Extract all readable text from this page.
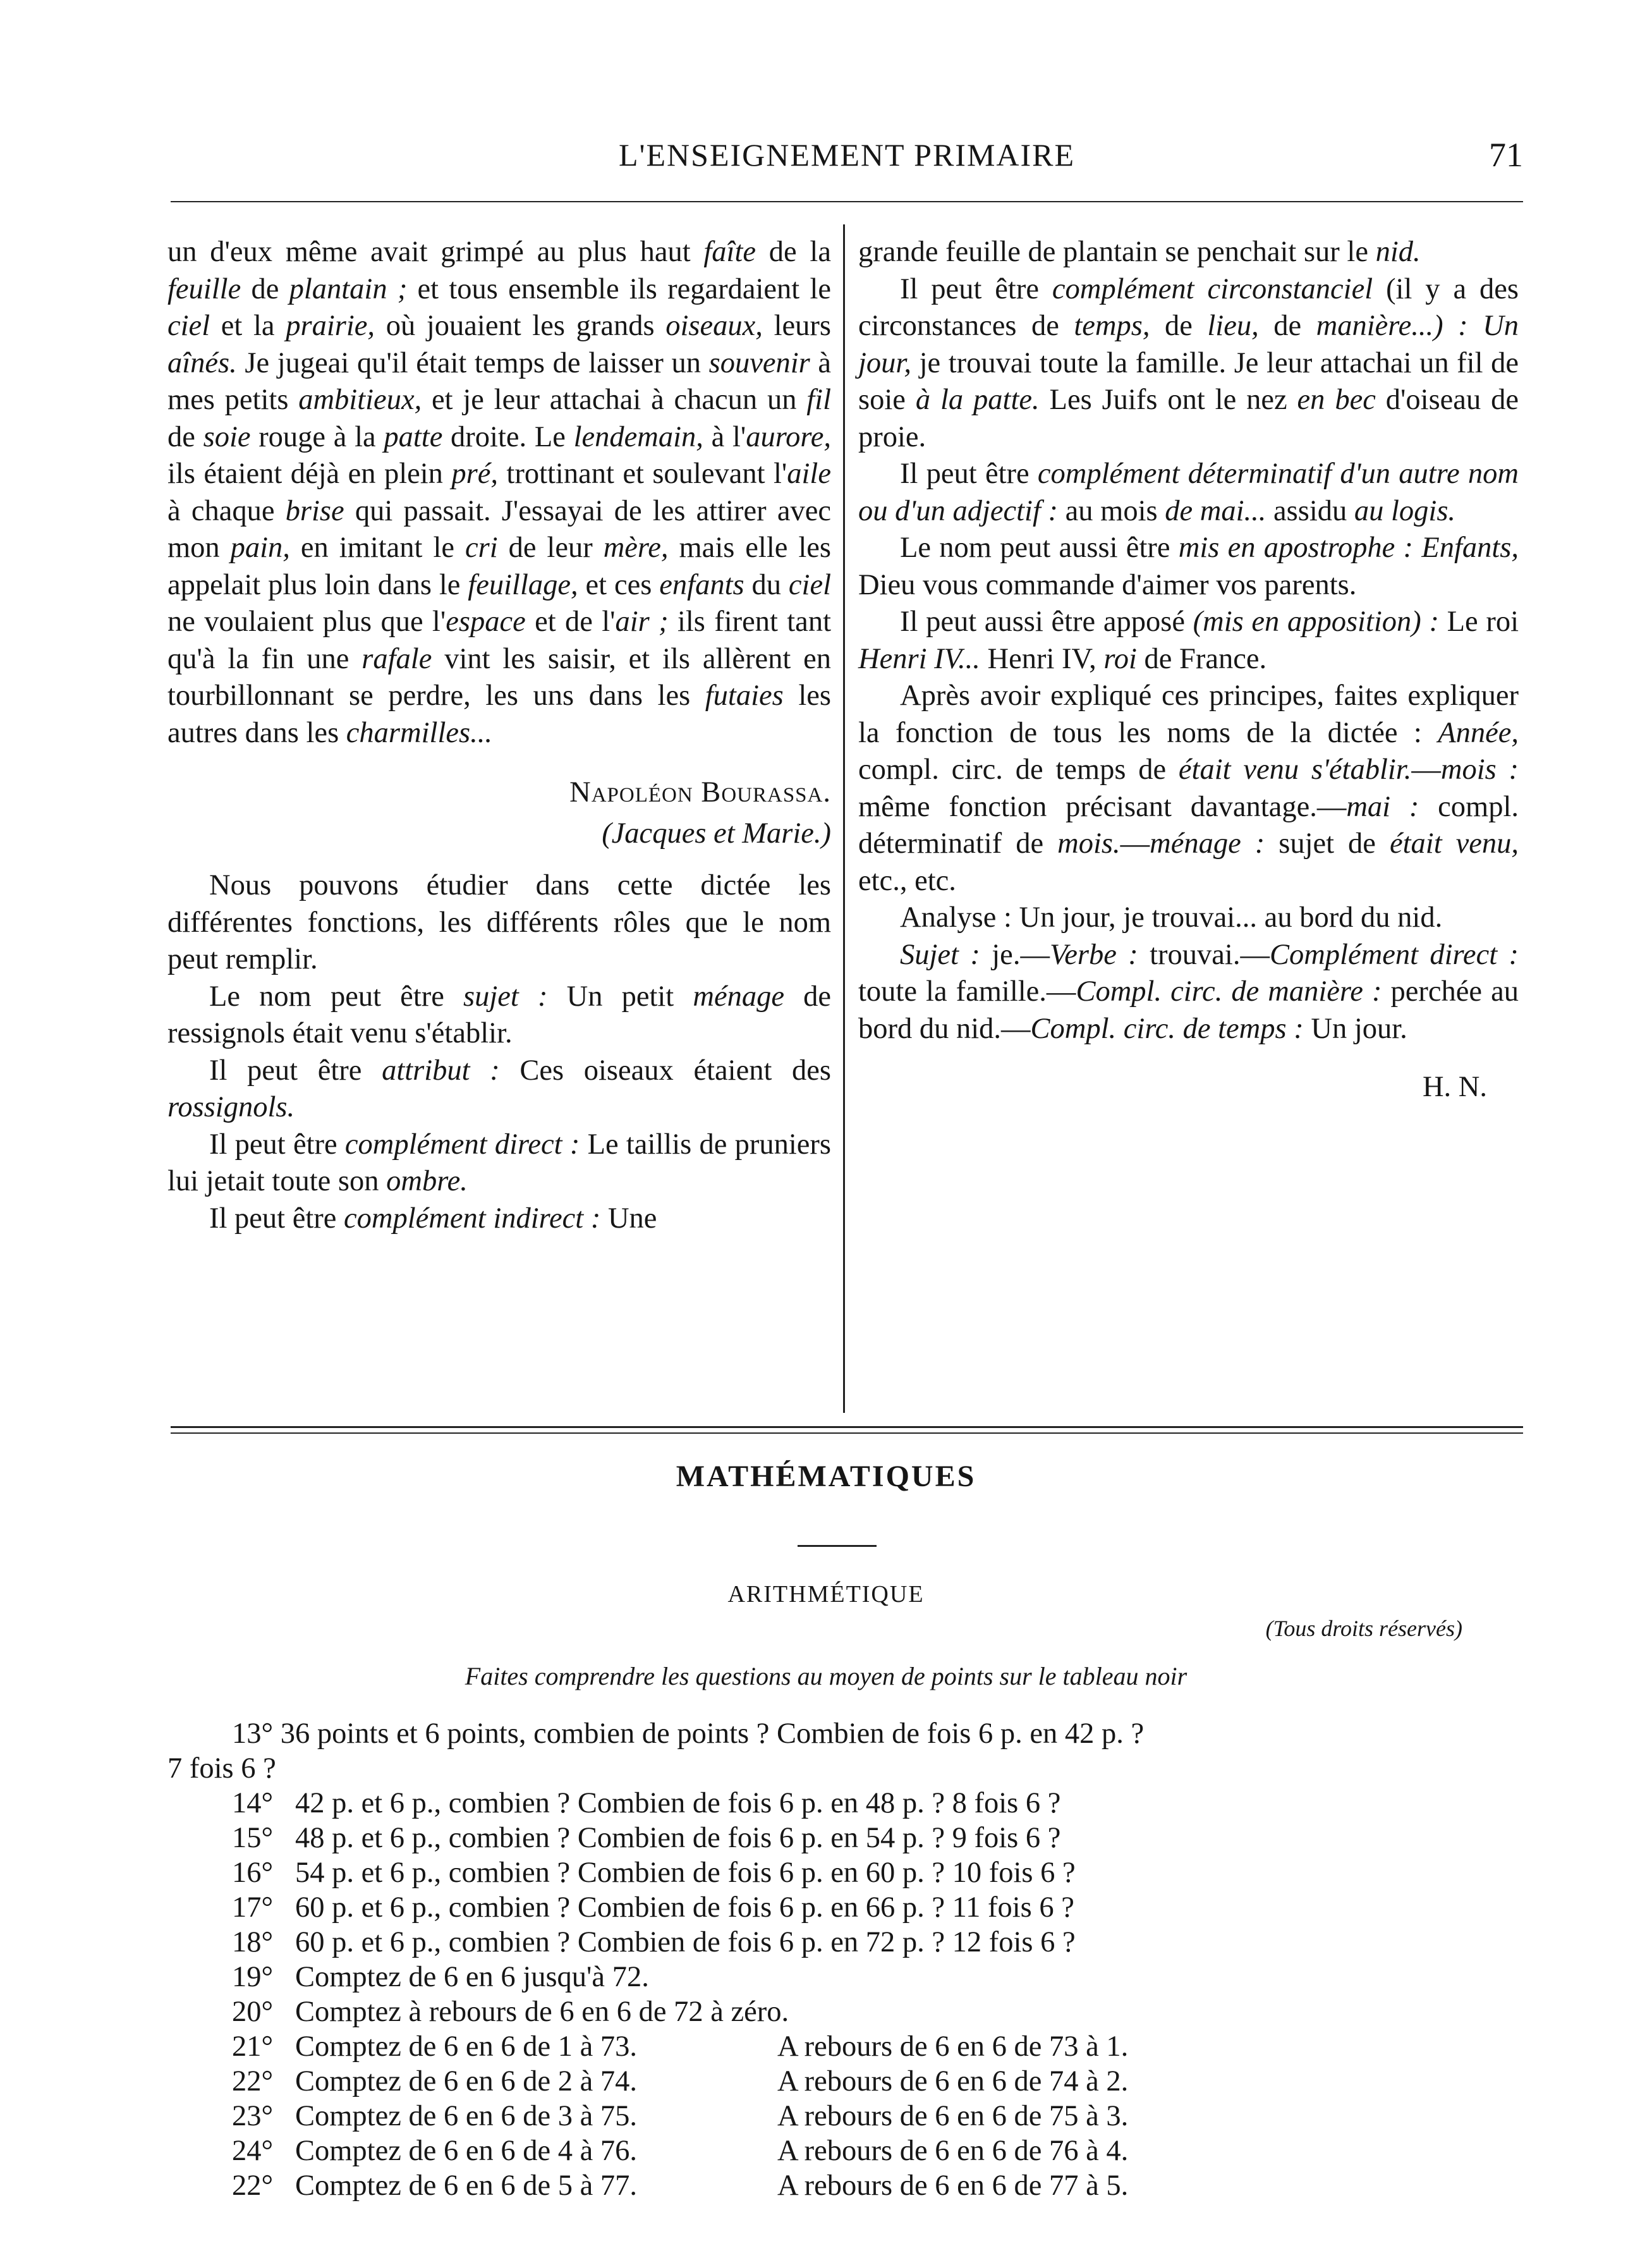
L'ENSEIGNEMENT PRIMAIRE	71

un d'eux même avait grimpé au plus haut faîte de la feuille de plantain ; et tous ensemble ils regardaient le ciel et la prairie, où jouaient les grands oiseaux, leurs aînés. Je jugeai qu'il était temps de laisser un souvenir à mes petits ambitieux, et je leur attachai à chacun un fil de soie rouge à la patte droite. Le lendemain, à l'aurore, ils étaient déjà en plein pré, trottinant et soulevant l'aile à chaque brise qui passait. J'essayai de les attirer avec mon pain, en imitant le cri de leur mère, mais elle les appelait plus loin dans le feuillage, et ces enfants du ciel ne voulaient plus que l'espace et de l'air ; ils firent tant qu'à la fin une rafale vint les saisir, et ils allèrent en tourbillonnant se perdre, les uns dans les futaies les autres dans les charmilles...

Napoléon Bourassa.

(Jacques et Marie.)

Nous pouvons étudier dans cette dictée les différentes fonctions, les différents rôles que le nom peut remplir.

Le nom peut être sujet : Un petit ménage de ressignols était venu s'établir.

Il peut être attribut : Ces oiseaux étaient des rossignols.

Il peut être complément direct : Le taillis de pruniers lui jetait toute son ombre.

Il peut être complément indirect : Une

grande feuille de plantain se penchait sur le nid.

Il peut être complément circonstanciel (il y a des circonstances de temps, de lieu, de manière...) : Un jour, je trouvai toute la famille. Je leur attachai un fil de soie à la patte. Les Juifs ont le nez en bec d'oiseau de proie.

Il peut être complément déterminatif d'un autre nom ou d'un adjectif : au mois de mai... assidu au logis.

Le nom peut aussi être mis en apostrophe : Enfants, Dieu vous commande d'aimer vos parents.

Il peut aussi être apposé (mis en apposition) : Le roi Henri IV... Henri IV, roi de France.

Après avoir expliqué ces principes, faites expliquer la fonction de tous les noms de la dictée : Année, compl. circ. de temps de était venu s'établir.—mois : même fonction précisant davantage.—mai : compl. déterminatif de mois.—ménage : sujet de était venu, etc., etc.

Analyse : Un jour, je trouvai... au bord du nid.

Sujet : je.—Verbe : trouvai.—Complément direct : toute la famille.—Compl. circ. de manière : perchée au bord du nid.—Compl. circ. de temps : Un jour.

H. N.

MATHÉMATIQUES
ARITHMÉTIQUE
(Tous droits réservés)
Faites comprendre les questions au moyen de points sur le tableau noir
13° 36 points et 6 points, combien de points ? Combien de fois 6 p. en 42 p. ?
7 fois 6 ?
14° 42 p. et 6 p., combien ? Combien de fois 6 p. en 48 p. ? 8 fois 6 ?
15° 48 p. et 6 p., combien ? Combien de fois 6 p. en 54 p. ? 9 fois 6 ?
16° 54 p. et 6 p., combien ? Combien de fois 6 p. en 60 p. ? 10 fois 6 ?
17° 60 p. et 6 p., combien ? Combien de fois 6 p. en 66 p. ? 11 fois 6 ?
18° 60 p. et 6 p., combien ? Combien de fois 6 p. en 72 p. ? 12 fois 6 ?
19° Comptez de 6 en 6 jusqu'à 72.
20° Comptez à rebours de 6 en 6 de 72 à zéro.
21° Comptez de 6 en 6 de 1 à 73.	A rebours de 6 en 6 de 73 à 1.
22° Comptez de 6 en 6 de 2 à 74.	A rebours de 6 en 6 de 74 à 2.
23° Comptez de 6 en 6 de 3 à 75.	A rebours de 6 en 6 de 75 à 3.
24° Comptez de 6 en 6 de 4 à 76.	A rebours de 6 en 6 de 76 à 4.
22° Comptez de 6 en 6 de 5 à 77.	A rebours de 6 en 6 de 77 à 5.
